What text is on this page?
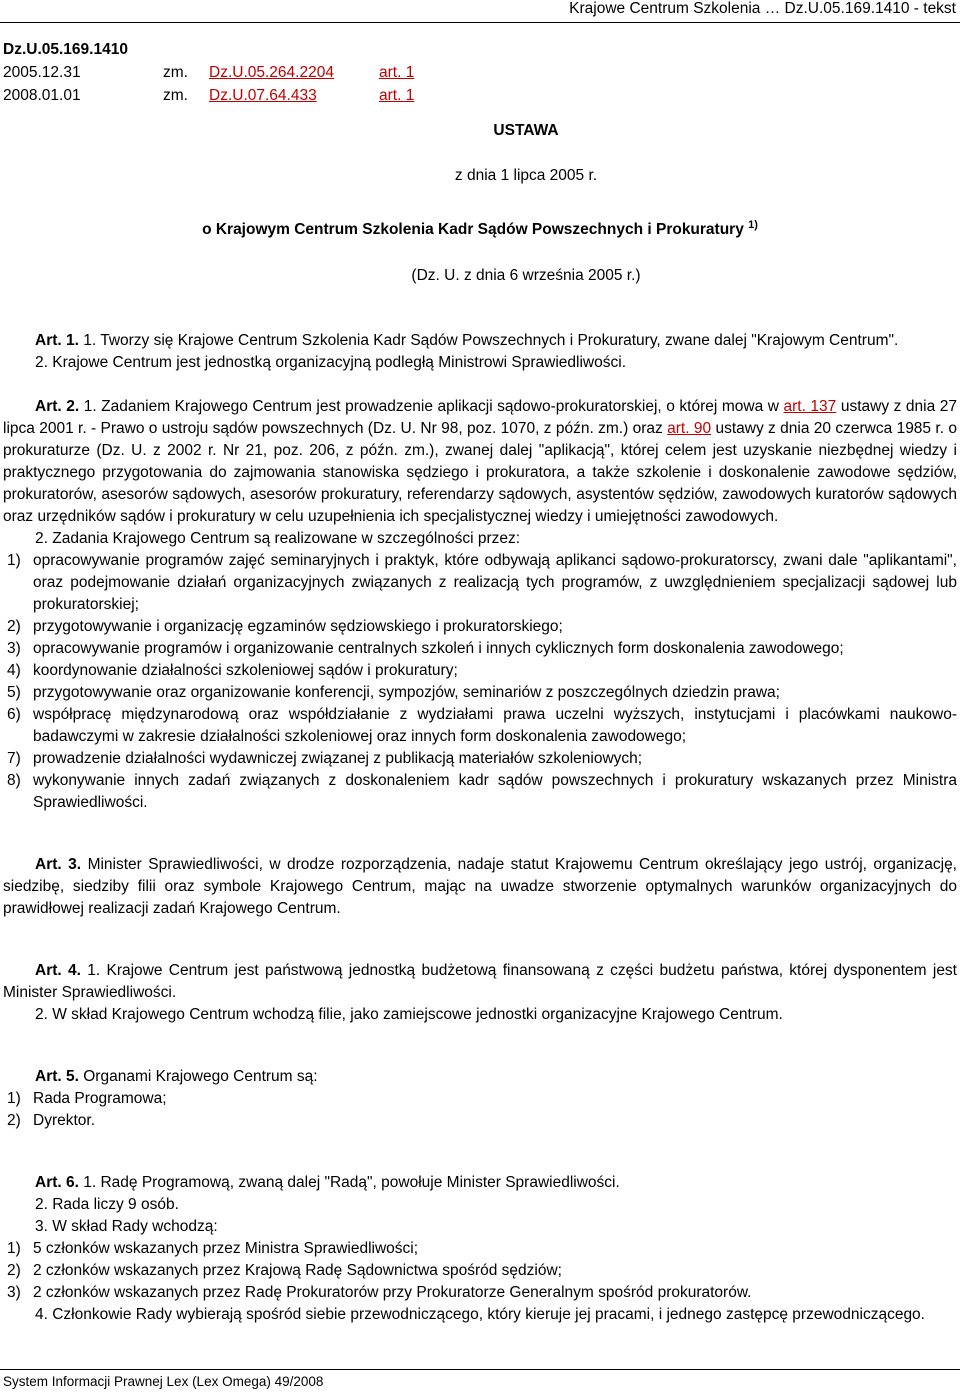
Krajowe Centrum Szkolenia … Dz.U.05.169.1410 - tekst
Dz.U.05.169.1410
2005.12.31	zm. Dz.U.05.264.2204	art. 1
2008.01.01	zm. Dz.U.07.64.433	art. 1
USTAWA
z dnia 1 lipca 2005 r.
o Krajowym Centrum Szkolenia Kadr Sądów Powszechnych i Prokuratury $^{1)}$
(Dz. U. z dnia 6 września 2005 r.)

Art. 1. 1. Tworzy się Krajowe Centrum Szkolenia Kadr Sądów Powszechnych i Prokuratury, zwane dalej "Krajowym Centrum".

2. Krajowe Centrum jest jednostką organizacyjną podległą Ministrowi Sprawiedliwości.

Art. 2. 1. Zadaniem Krajowego Centrum jest prowadzenie aplikacji sądowo-prokuratorskiej, o której mowa w art. 137 ustawy z dnia 27 lipca 2001 r. - Prawo o ustroju sądów powszechnych (Dz. U. Nr 98, poz. 1070, z późn. zm.) oraz art. 90 ustawy z dnia 20 czerwca 1985 r. o prokuraturze (Dz. U. z 2002 r. Nr 21, poz. 206, z późn. zm.), zwanej dalej "aplikacją", której celem jest uzyskanie niezbędnej wiedzy i praktycznego przygotowania do zajmowania stanowiska sędziego i prokuratora, a także szkolenie i doskonalenie zawodowe sędziów, prokuratorów, asesorów sądowych, asesorów prokuratury, referendarzy sądowych, asystentów sędziów, zawodowych kuratorów sądowych oraz urzędników sądów i prokuratury w celu uzupełnienia ich specjalistycznej wiedzy i umiejętności zawodowych.

2. Zadania Krajowego Centrum są realizowane w szczególności przez:

1) opracowywanie programów zajęć seminaryjnych i praktyk, które odbywają aplikanci sądowo-prokuratorscy, zwani dale "aplikantami", oraz podejmowanie działań organizacyjnych związanych z realizacją tych programów, z uwzględnieniem specjalizacji sądowej lub prokuratorskiej;
2) przygotowywanie i organizację egzaminów sędziowskiego i prokuratorskiego;
3) opracowywanie programów i organizowanie centralnych szkoleń i innych cyklicznych form doskonalenia zawodowego;
4) koordynowanie działalności szkoleniowej sądów i prokuratury;
5) przygotowywanie oraz organizowanie konferencji, sympozjów, seminariów z poszczególnych dziedzin prawa;
6) współpracę międzynarodową oraz współdziałanie z wydziałami prawa uczelni wyższych, instytucjami i placówkami naukowo-badawczymi w zakresie działalności szkoleniowej oraz innych form doskonalenia zawodowego;
7) prowadzenie działalności wydawniczej związanej z publikacją materiałów szkoleniowych;
8) wykonywanie innych zadań związanych z doskonaleniem kadr sądów powszechnych i prokuratury wskazanych przez Ministra Sprawiedliwości.

Art. 3. Minister Sprawiedliwości, w drodze rozporządzenia, nadaje statut Krajowemu Centrum określający jego ustrój, organizację, siedzibę, siedziby filii oraz symbole Krajowego Centrum, mając na uwadze stworzenie optymalnych warunków organizacyjnych do prawidłowej realizacji zadań Krajowego Centrum.

Art. 4. 1. Krajowe Centrum jest państwową jednostką budżetową finansowaną z części budżetu państwa, której dysponentem jest Minister Sprawiedliwości.

2. W skład Krajowego Centrum wchodzą filie, jako zamiejscowe jednostki organizacyjne Krajowego Centrum.

Art. 5. Organami Krajowego Centrum są:

1) Rada Programowa;
2) Dyrektor.

Art. 6. 1. Radę Programową, zwaną dalej "Radą", powołuje Minister Sprawiedliwości.

2. Rada liczy 9 osób.

3. W skład Rady wchodzą:

1) 5 członków wskazanych przez Ministra Sprawiedliwości;
2) 2 członków wskazanych przez Krajową Radę Sądownictwa spośród sędziów;
3) 2 członków wskazanych przez Radę Prokuratorów przy Prokuratorze Generalnym spośród prokuratorów.

4. Członkowie Rady wybierają spośród siebie przewodniczącego, który kieruje jej pracami, i jednego zastępcę przewodniczącego.

System Informacji Prawnej Lex (Lex Omega) 49/2008
